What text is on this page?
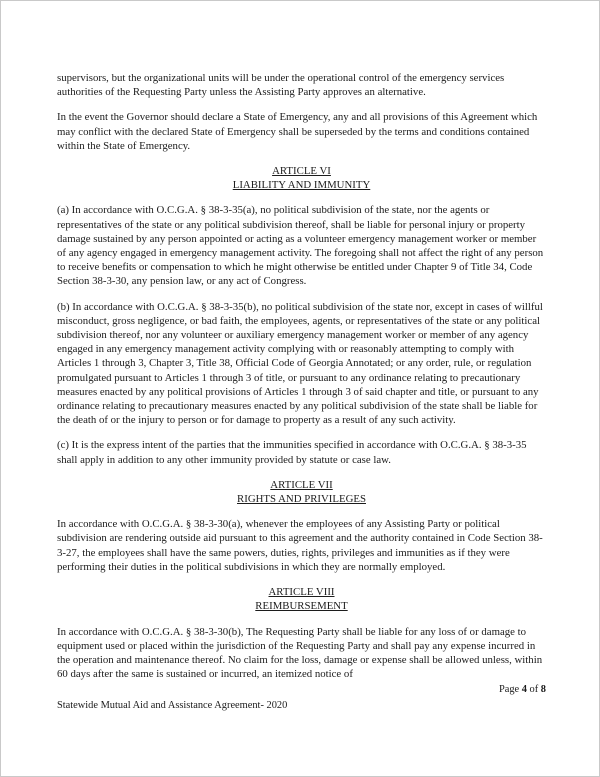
supervisors, but the organizational units will be under the operational control of the emergency services authorities of the Requesting Party unless the Assisting Party approves an alternative.

In the event the Governor should declare a State of Emergency, any and all provisions of this Agreement which may conflict with the declared State of Emergency shall be superseded by the terms and conditions contained within the State of Emergency.

ARTICLE VI
LIABILITY AND IMMUNITY

(a) In accordance with O.C.G.A. § 38-3-35(a), no political subdivision of the state, nor the agents or representatives of the state or any political subdivision thereof, shall be liable for personal injury or property damage sustained by any person appointed or acting as a volunteer emergency management worker or member of any agency engaged in emergency management activity. The foregoing shall not affect the right of any person to receive benefits or compensation to which he might otherwise be entitled under Chapter 9 of Title 34, Code Section 38-3-30, any pension law, or any act of Congress.

(b) In accordance with O.C.G.A. § 38-3-35(b), no political subdivision of the state nor, except in cases of willful misconduct, gross negligence, or bad faith, the employees, agents, or representatives of the state or any political subdivision thereof, nor any volunteer or auxiliary emergency management worker or member of any agency engaged in any emergency management activity complying with or reasonably attempting to comply with Articles 1 through 3, Chapter 3, Title 38, Official Code of Georgia Annotated; or any order, rule, or regulation promulgated pursuant to Articles 1 through 3 of title, or pursuant to any ordinance relating to precautionary measures enacted by any political provisions of Articles 1 through 3 of said chapter and title, or pursuant to any ordinance relating to precautionary measures enacted by any political subdivision of the state shall be liable for the death of or the injury to person or for damage to property as a result of any such activity.

(c) It is the express intent of the parties that the immunities specified in accordance with O.C.G.A. § 38-3-35 shall apply in addition to any other immunity provided by statute or case law.

ARTICLE VII
RIGHTS AND PRIVILEGES

In accordance with O.C.G.A. § 38-3-30(a), whenever the employees of any Assisting Party or political subdivision are rendering outside aid pursuant to this agreement and the authority contained in Code Section 38-3-27, the employees shall have the same powers, duties, rights, privileges and immunities as if they were performing their duties in the political subdivisions in which they are normally employed.

ARTICLE VIII
REIMBURSEMENT

In accordance with O.C.G.A. § 38-3-30(b), The Requesting Party shall be liable for any loss of or damage to equipment used or placed within the jurisdiction of the Requesting Party and shall pay any expense incurred in the operation and maintenance thereof. No claim for the loss, damage or expense shall be allowed unless, within 60 days after the same is sustained or incurred, an itemized notice of

Page 4 of 8
Statewide Mutual Aid and Assistance Agreement- 2020
